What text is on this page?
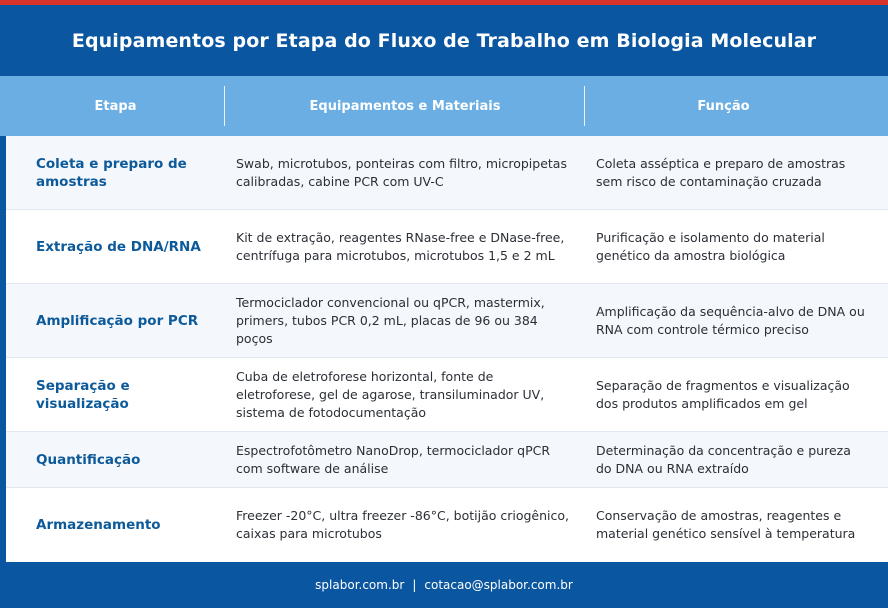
Equipamentos por Etapa do Fluxo de Trabalho em Biologia Molecular
Etapa	Equipamentos e Materiais	Função
Coleta e preparo de amostras
Swab, microtubos, ponteiras com filtro, micropipetas calibradas, cabine PCR com UV-C
Coleta asséptica e preparo de amostras sem risco de contaminação cruzada
Extração de DNA/RNA
Kit de extração, reagentes RNase-free e DNase-free, centrífuga para microtubos, microtubos 1,5 e 2 mL
Purificação e isolamento do material genético da amostra biológica
Amplificação por PCR
Termociclador convencional ou qPCR, mastermix, primers, tubos PCR 0,2 mL, placas de 96 ou 384 poços
Amplificação da sequência-alvo de DNA ou RNA com controle térmico preciso
Separação e visualização
Cuba de eletroforese horizontal, fonte de eletroforese, gel de agarose, transiluminador UV, sistema de fotodocumentação
Separação de fragmentos e visualização dos produtos amplificados em gel
Quantificação
Espectrofotômetro NanoDrop, termociclador qPCR com software de análise
Determinação da concentração e pureza do DNA ou RNA extraído
Armazenamento
Freezer -20°C, ultra freezer -86°C, botijão criogênico, caixas para microtubos
Conservação de amostras, reagentes e material genético sensível à temperatura
splabor.com.br | cotacao@splabor.com.br
